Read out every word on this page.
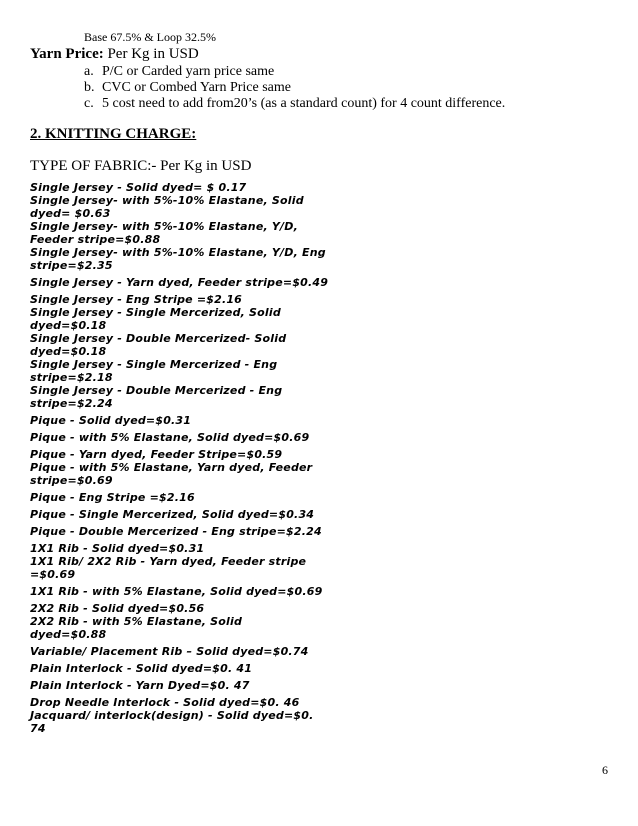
Base 67.5% & Loop 32.5%
Yarn Price: Per Kg in USD
a. P/C or Carded yarn price same
b. CVC or Combed Yarn Price same
c. 5 cost need to add from20’s (as a standard count) for 4 count difference.
2. KNITTING CHARGE:
TYPE OF FABRIC:- Per Kg in USD
Single Jersey - Solid dyed= $ 0.17
Single Jersey- with 5%-10% Elastane, Solid
dyed= $0.63
Single Jersey- with 5%-10% Elastane, Y/D,
Feeder stripe=$0.88
Single Jersey- with 5%-10% Elastane, Y/D, Eng
stripe=$2.35
Single Jersey - Yarn dyed, Feeder stripe=$0.49
Single Jersey - Eng Stripe =$2.16
Single Jersey - Single Mercerized, Solid
dyed=$0.18
Single Jersey - Double Mercerized- Solid
dyed=$0.18
Single Jersey - Single Mercerized - Eng
stripe=$2.18
Single Jersey - Double Mercerized - Eng
stripe=$2.24
Pique - Solid dyed=$0.31
Pique - with 5% Elastane, Solid dyed=$0.69
Pique - Yarn dyed, Feeder Stripe=$0.59
Pique - with 5% Elastane, Yarn dyed, Feeder
stripe=$0.69
Pique - Eng Stripe =$2.16
Pique - Single Mercerized, Solid dyed=$0.34
Pique - Double Mercerized - Eng stripe=$2.24
1X1 Rib - Solid dyed=$0.31
1X1 Rib/ 2X2 Rib - Yarn dyed, Feeder stripe
=$0.69
1X1 Rib - with 5% Elastane, Solid dyed=$0.69
2X2 Rib - Solid dyed=$0.56
2X2 Rib - with 5% Elastane, Solid
dyed=$0.88
Variable/ Placement Rib – Solid dyed=$0.74
Plain Interlock - Solid dyed=$0. 41
Plain Interlock - Yarn Dyed=$0. 47
Drop Needle Interlock - Solid dyed=$0. 46
Jacquard/ interlock(design) - Solid dyed=$0.
74
6
